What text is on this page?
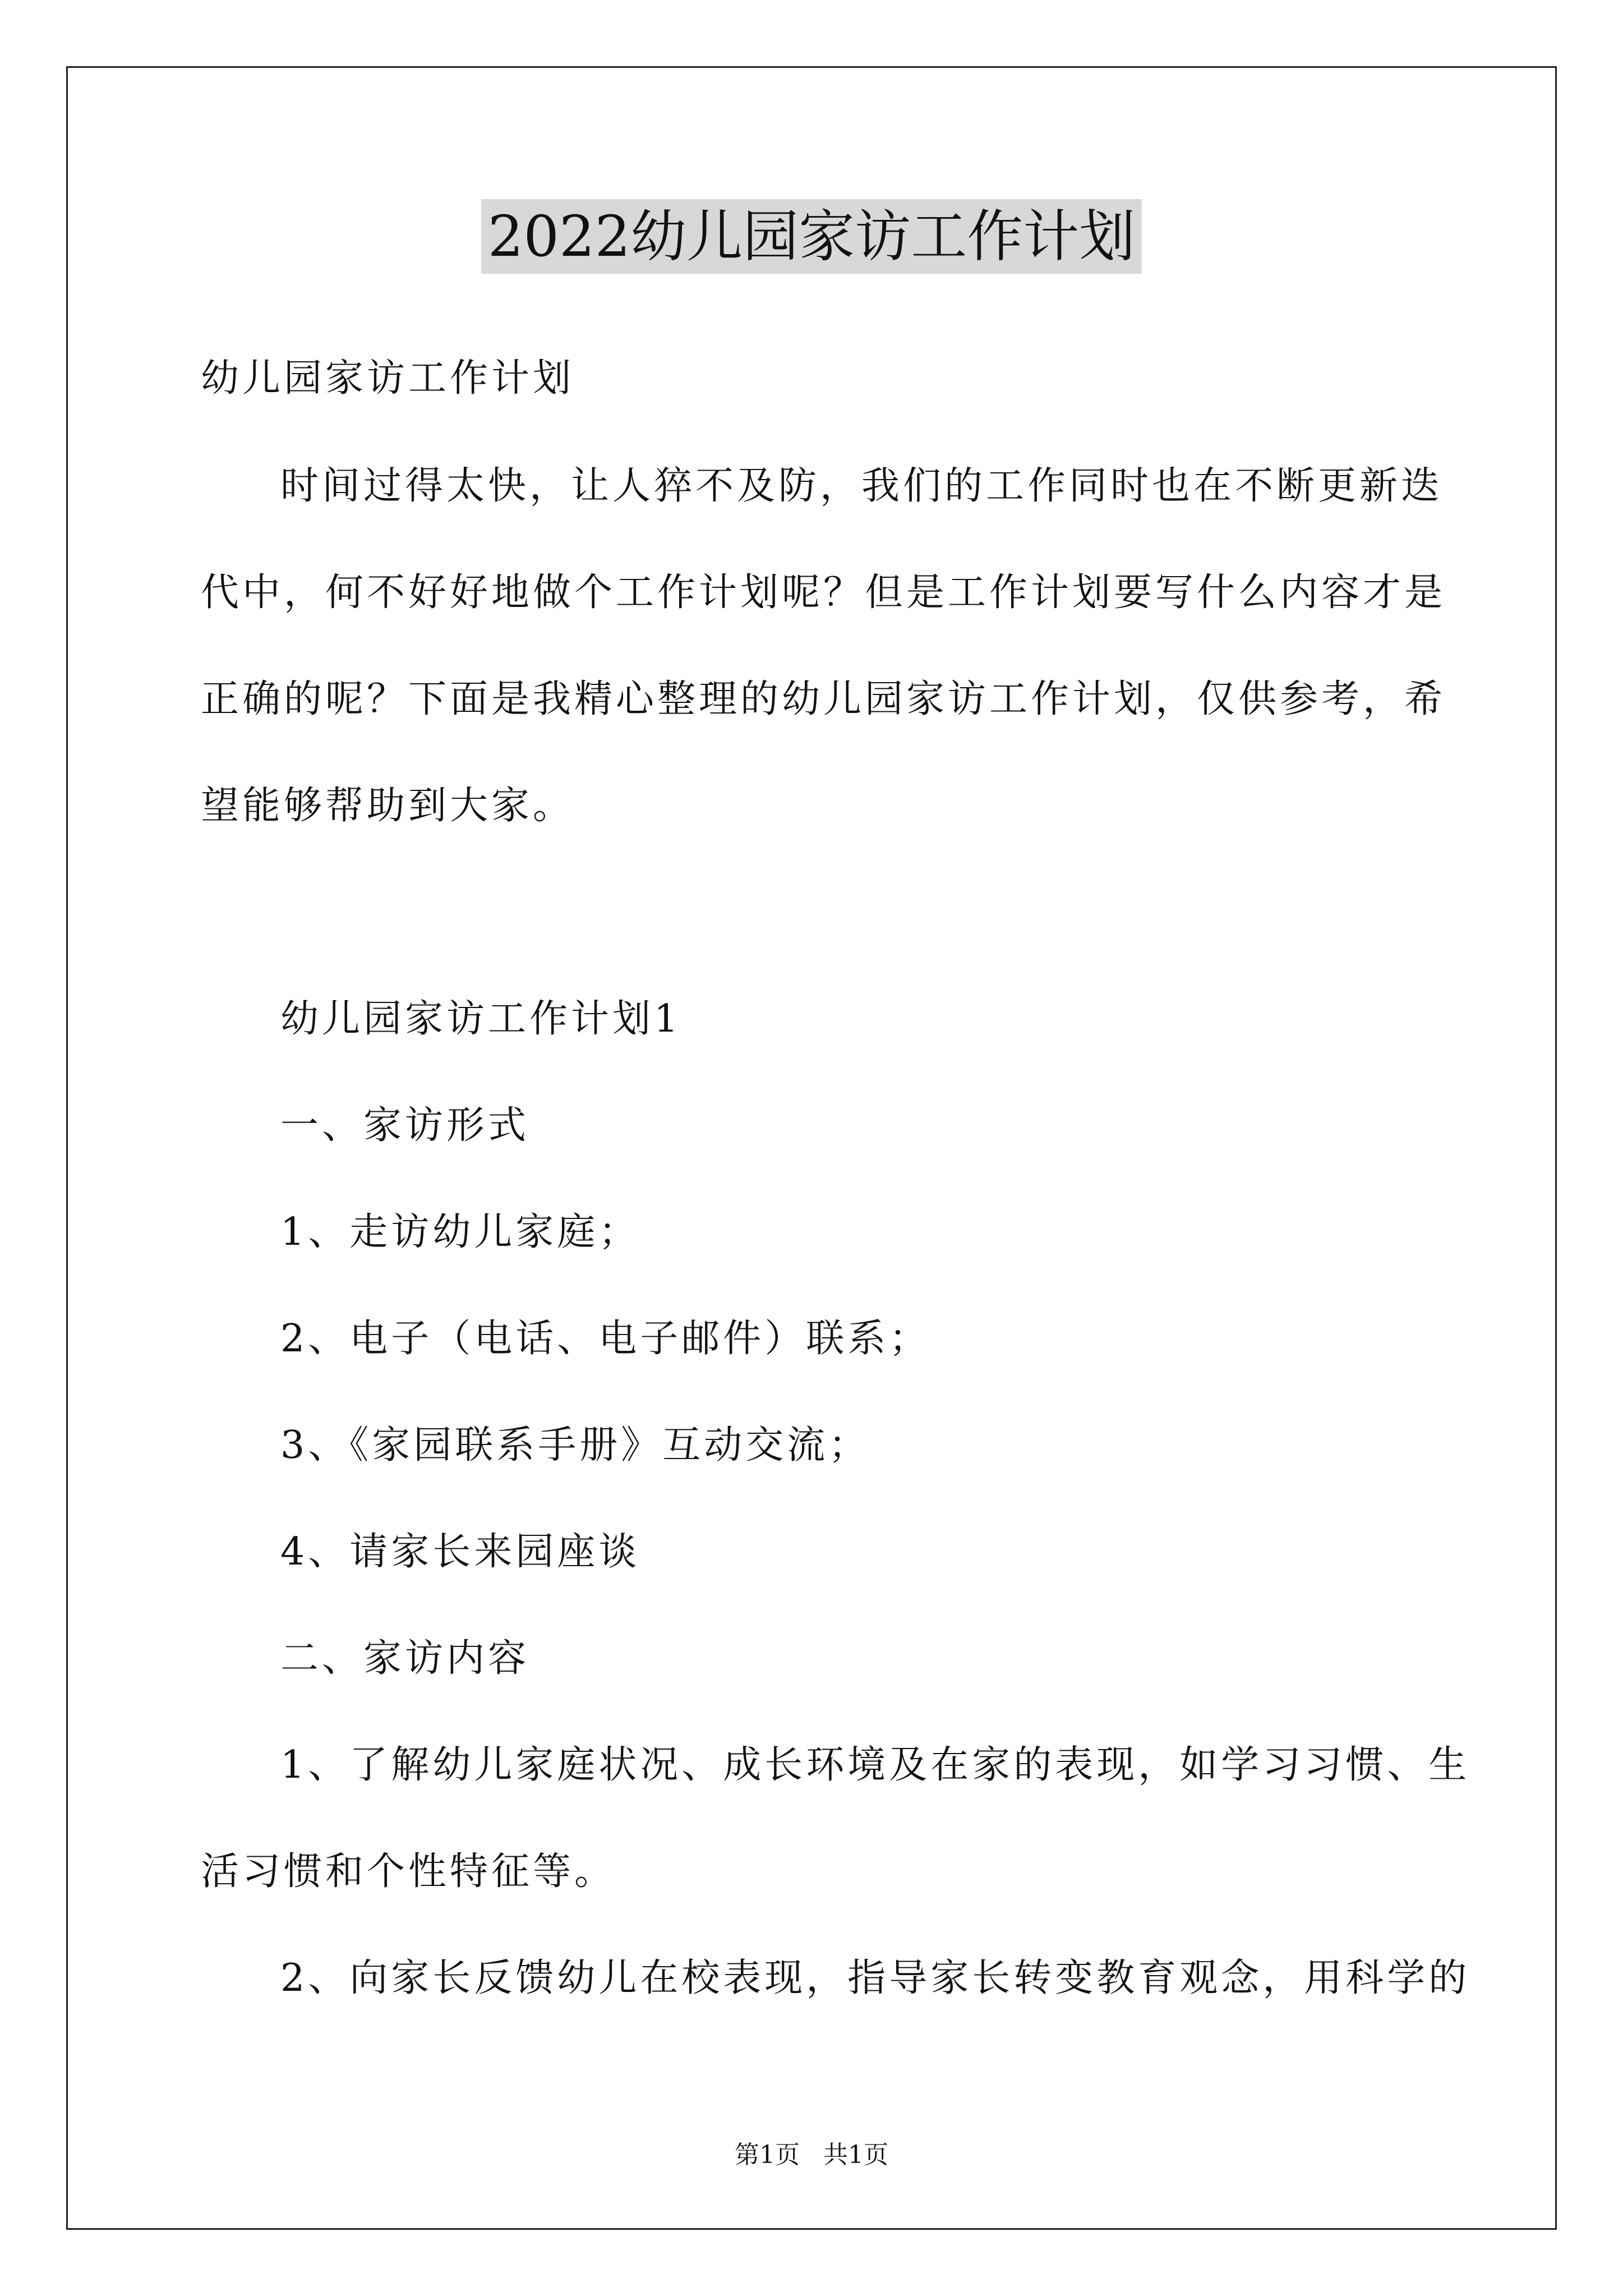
2022幼儿园家访工作计划
幼儿园家访工作计划
时间过得太快，让人猝不及防，我们的工作同时也在不断更新迭
代中，何不好好地做个工作计划呢？但是工作计划要写什么内容才是
正确的呢？下面是我精心整理的幼儿园家访工作计划，仅供参考，希
望能够帮助到大家。
幼儿园家访工作计划1
一、家访形式
1、走访幼儿家庭；
2、电子（电话、电子邮件）联系；
3、《家园联系手册》互动交流；
4、请家长来园座谈
二、家访内容
1、了解幼儿家庭状况、成长环境及在家的表现，如学习习惯、生
活习惯和个性特征等。
2、向家长反馈幼儿在校表现，指导家长转变教育观念，用科学的
第1页   共1页
